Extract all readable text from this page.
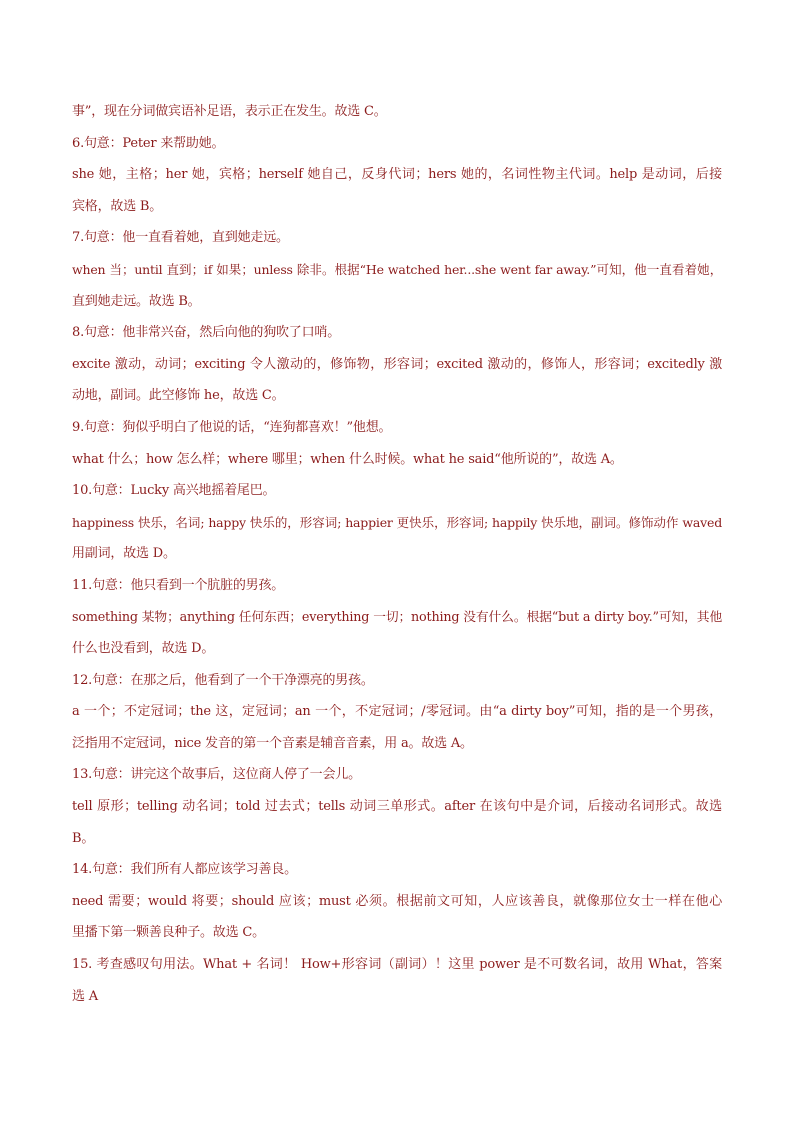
事”，现在分词做宾语补足语，表示正在发生。故选 C。
6.句意：Peter 来帮助她。
she 她，主格；her 她，宾格；herself 她自己，反身代词；hers 她的，名词性物主代词。help 是动词，后接
宾格，故选 B。
7.句意：他一直看着她，直到她走远。
when 当；until 直到；if 如果；unless 除非。根据“He watched her...she went far away.”可知，他一直看着她，
直到她走远。故选 B。
8.句意：他非常兴奋，然后向他的狗吹了口哨。
excite 激动，动词；exciting 令人激动的，修饰物，形容词；excited 激动的，修饰人，形容词；excitedly 激
动地，副词。此空修饰 he，故选 C。
9.句意：狗似乎明白了他说的话，“连狗都喜欢！”他想。
what 什么；how 怎么样；where 哪里；when 什么时候。what he said“他所说的”，故选 A。
10.句意：Lucky 高兴地摇着尾巴。
happiness 快乐，名词; happy 快乐的，形容词; happier 更快乐，形容词; happily 快乐地，副词。修饰动作 waved
用副词，故选 D。
11.句意：他只看到一个肮脏的男孩。
something 某物；anything 任何东西；everything 一切；nothing 没有什么。根据“but a dirty boy.”可知，其他
什么也没看到，故选 D。
12.句意：在那之后，他看到了一个干净漂亮的男孩。
a 一个；不定冠词；the 这，定冠词；an 一个，不定冠词；/零冠词。由“a dirty boy”可知，指的是一个男孩，
泛指用不定冠词，nice 发音的第一个音素是辅音音素，用 a。故选 A。
13.句意：讲完这个故事后，这位商人停了一会儿。
tell 原形；telling 动名词；told 过去式；tells 动词三单形式。after 在该句中是介词，后接动名词形式。故选
B。
14.句意：我们所有人都应该学习善良。
need 需要；would 将要；should 应该；must 必须。根据前文可知，人应该善良，就像那位女士一样在他心
里播下第一颗善良种子。故选 C。
15. 考查感叹句用法。What + 名词！ How+形容词（副词）！这里 power 是不可数名词，故用 What，答案
选 A
